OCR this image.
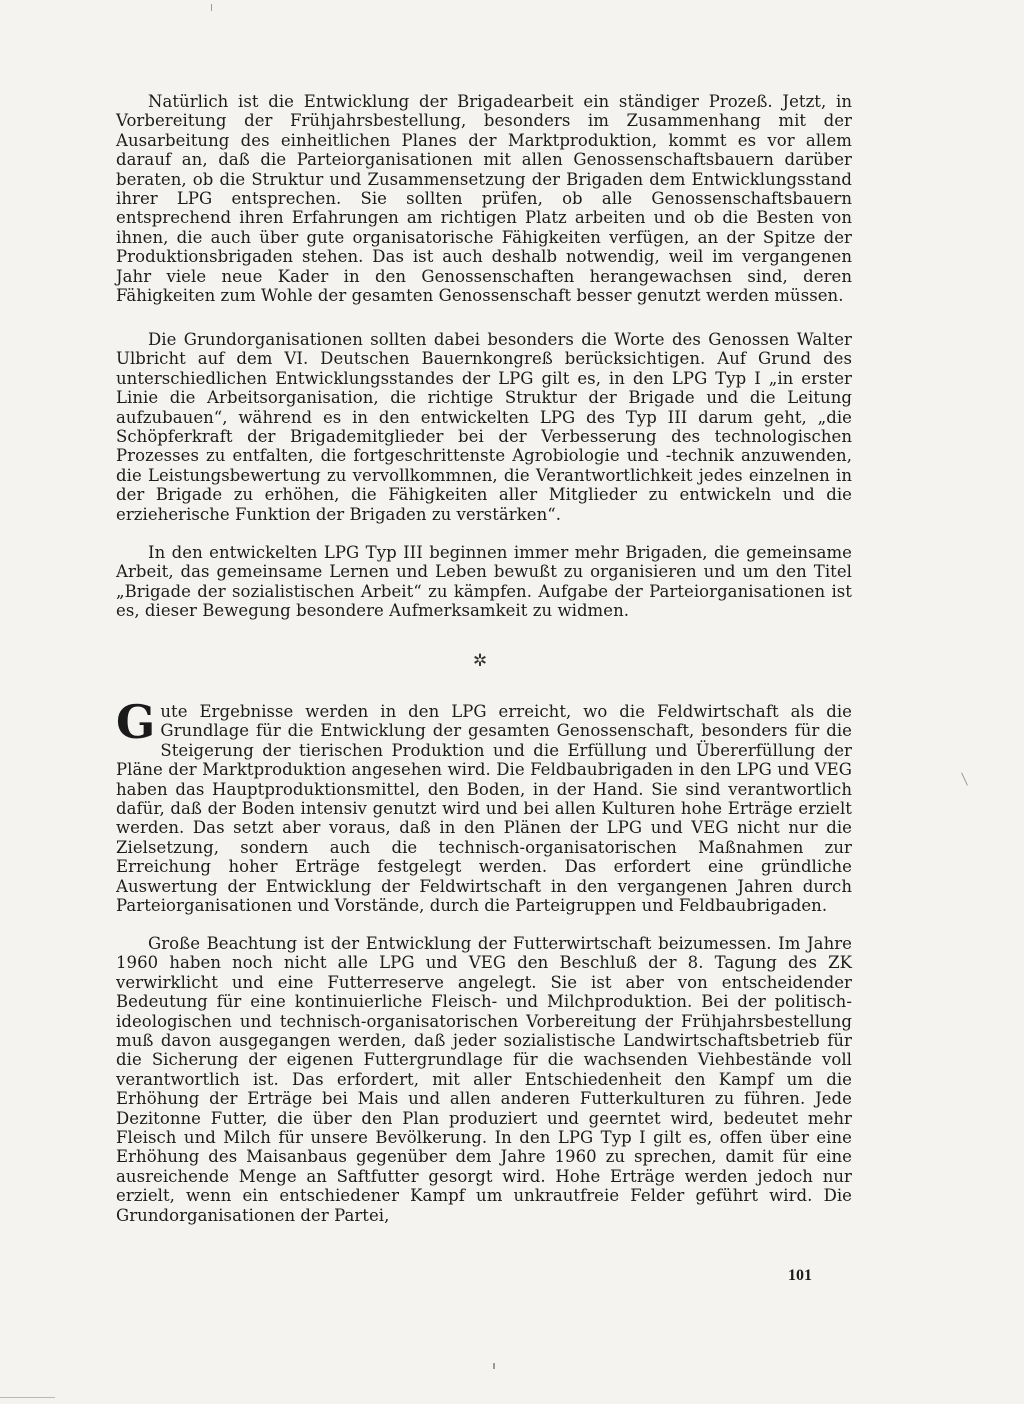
Natürlich ist die Entwicklung der Brigadearbeit ein ständiger Prozeß. Jetzt, in Vorbereitung der Frühjahrsbestellung, besonders im Zusammenhang mit der Ausarbeitung des einheitlichen Planes der Marktproduktion, kommt es vor allem darauf an, daß die Parteiorganisationen mit allen Genossenschaftsbauern darüber beraten, ob die Struktur und Zusammensetzung der Brigaden dem Entwicklungsstand ihrer LPG entsprechen. Sie sollten prüfen, ob alle Genossenschaftsbauern entsprechend ihren Erfahrungen am richtigen Platz arbeiten und ob die Besten von ihnen, die auch über gute organisatorische Fähigkeiten verfügen, an der Spitze der Produktionsbrigaden stehen. Das ist auch deshalb notwendig, weil im vergangenen Jahr viele neue Kader in den Genossenschaften herangewachsen sind, deren Fähigkeiten zum Wohle der gesamten Genossenschaft besser genutzt werden müssen.

Die Grundorganisationen sollten dabei besonders die Worte des Genossen Walter Ulbricht auf dem VI. Deutschen Bauernkongreß berücksichtigen. Auf Grund des unterschiedlichen Entwicklungsstandes der LPG gilt es, in den LPG Typ I „in erster Linie die Arbeitsorganisation, die richtige Struktur der Brigade und die Leitung aufzubauen“, während es in den entwickelten LPG des Typ III darum geht, „die Schöpferkraft der Brigademitglieder bei der Verbesserung des technologischen Prozesses zu entfalten, die fortgeschrittenste Agrobiologie und -technik anzuwenden, die Leistungsbewertung zu vervollkommnen, die Verantwortlichkeit jedes einzelnen in der Brigade zu erhöhen, die Fähigkeiten aller Mitglieder zu entwickeln und die erzieherische Funktion der Brigaden zu verstärken“.

In den entwickelten LPG Typ III beginnen immer mehr Brigaden, die gemeinsame Arbeit, das gemeinsame Lernen und Leben bewußt zu organisieren und um den Titel „Brigade der sozialistischen Arbeit“ zu kämpfen. Aufgabe der Parteiorganisationen ist es, dieser Bewegung besondere Aufmerksamkeit zu widmen.

✲

Gute Ergebnisse werden in den LPG erreicht, wo die Feldwirtschaft als die Grundlage für die Entwicklung der gesamten Genossenschaft, besonders für die Steigerung der tierischen Produktion und die Erfüllung und Übererfüllung der Pläne der Marktproduktion angesehen wird. Die Feldbaubrigaden in den LPG und VEG haben das Hauptproduktionsmittel, den Boden, in der Hand. Sie sind verantwortlich dafür, daß der Boden intensiv genutzt wird und bei allen Kulturen hohe Erträge erzielt werden. Das setzt aber voraus, daß in den Plänen der LPG und VEG nicht nur die Zielsetzung, sondern auch die technisch-organisatorischen Maßnahmen zur Erreichung hoher Erträge festgelegt werden. Das erfordert eine gründliche Auswertung der Entwicklung der Feldwirtschaft in den vergangenen Jahren durch Parteiorganisationen und Vorstände, durch die Parteigruppen und Feldbaubrigaden.

Große Beachtung ist der Entwicklung der Futterwirtschaft beizumessen. Im Jahre 1960 haben noch nicht alle LPG und VEG den Beschluß der 8. Tagung des ZK verwirklicht und eine Futterreserve angelegt. Sie ist aber von entscheidender Bedeutung für eine kontinuierliche Fleisch- und Milchproduktion. Bei der politisch-ideologischen und technisch-organisatorischen Vorbereitung der Frühjahrsbestellung muß davon ausgegangen werden, daß jeder sozialistische Landwirtschaftsbetrieb für die Sicherung der eigenen Futtergrundlage für die wachsenden Viehbestände voll verantwortlich ist. Das erfordert, mit aller Entschiedenheit den Kampf um die Erhöhung der Erträge bei Mais und allen anderen Futterkulturen zu führen. Jede Dezitonne Futter, die über den Plan produziert und geerntet wird, bedeutet mehr Fleisch und Milch für unsere Bevölkerung. In den LPG Typ I gilt es, offen über eine Erhöhung des Maisanbaus gegenüber dem Jahre 1960 zu sprechen, damit für eine ausreichende Menge an Saftfutter gesorgt wird. Hohe Erträge werden jedoch nur erzielt, wenn ein entschiedener Kampf um unkrautfreie Felder geführt wird. Die Grundorganisationen der Partei,

101
